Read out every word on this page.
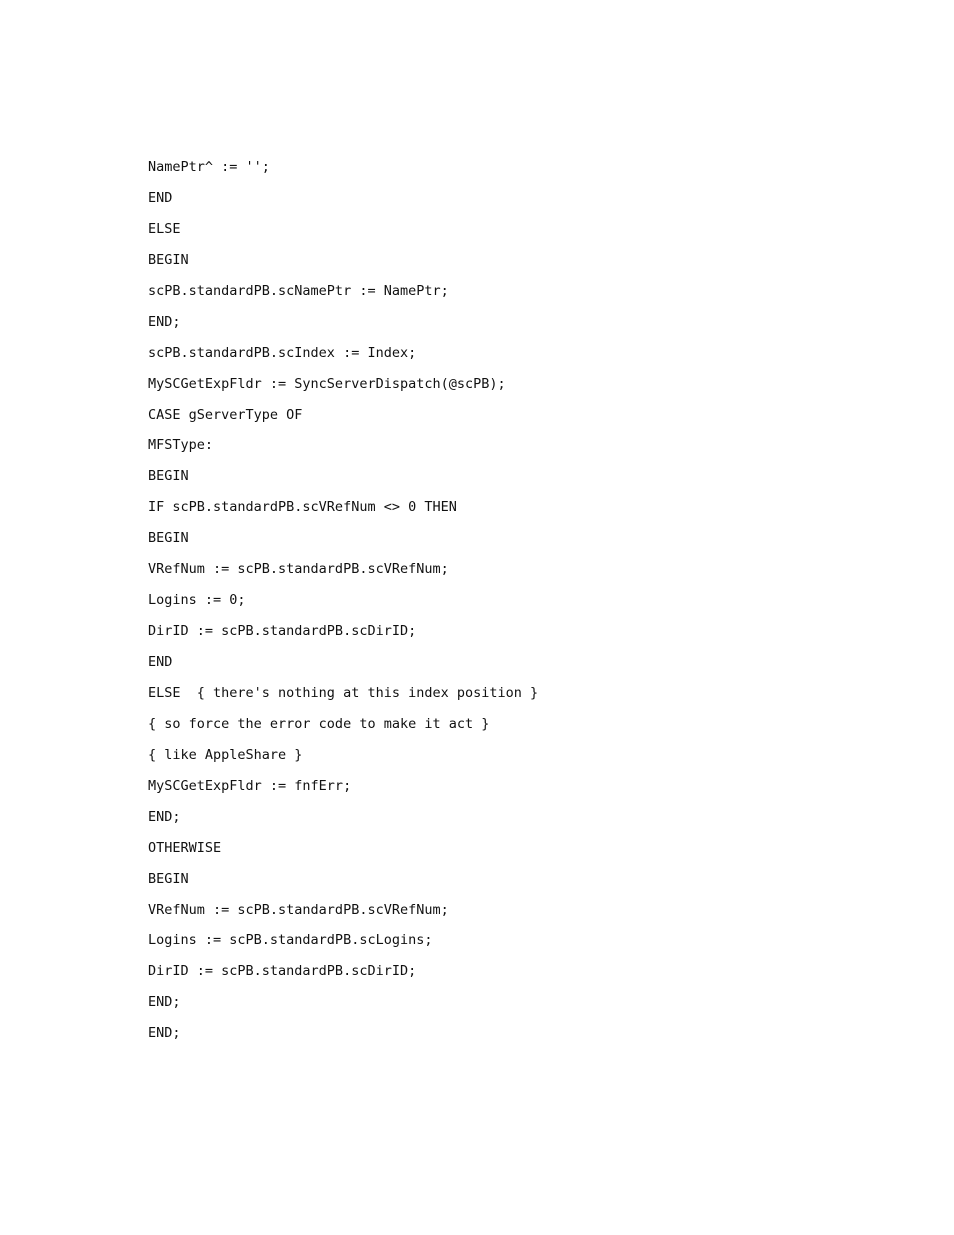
NamePtr^ := '';
END
ELSE
BEGIN
scPB.standardPB.scNamePtr := NamePtr;
END;
scPB.standardPB.scIndex := Index;
MySCGetExpFldr := SyncServerDispatch(@scPB);
CASE gServerType OF
MFSType:
BEGIN
IF scPB.standardPB.scVRefNum <> 0 THEN
BEGIN
VRefNum := scPB.standardPB.scVRefNum;
Logins := 0;
DirID := scPB.standardPB.scDirID;
END
ELSE  { there's nothing at this index position }
{ so force the error code to make it act }
{ like AppleShare }
MySCGetExpFldr := fnfErr;
END;
OTHERWISE
BEGIN
VRefNum := scPB.standardPB.scVRefNum;
Logins := scPB.standardPB.scLogins;
DirID := scPB.standardPB.scDirID;
END;
END;
